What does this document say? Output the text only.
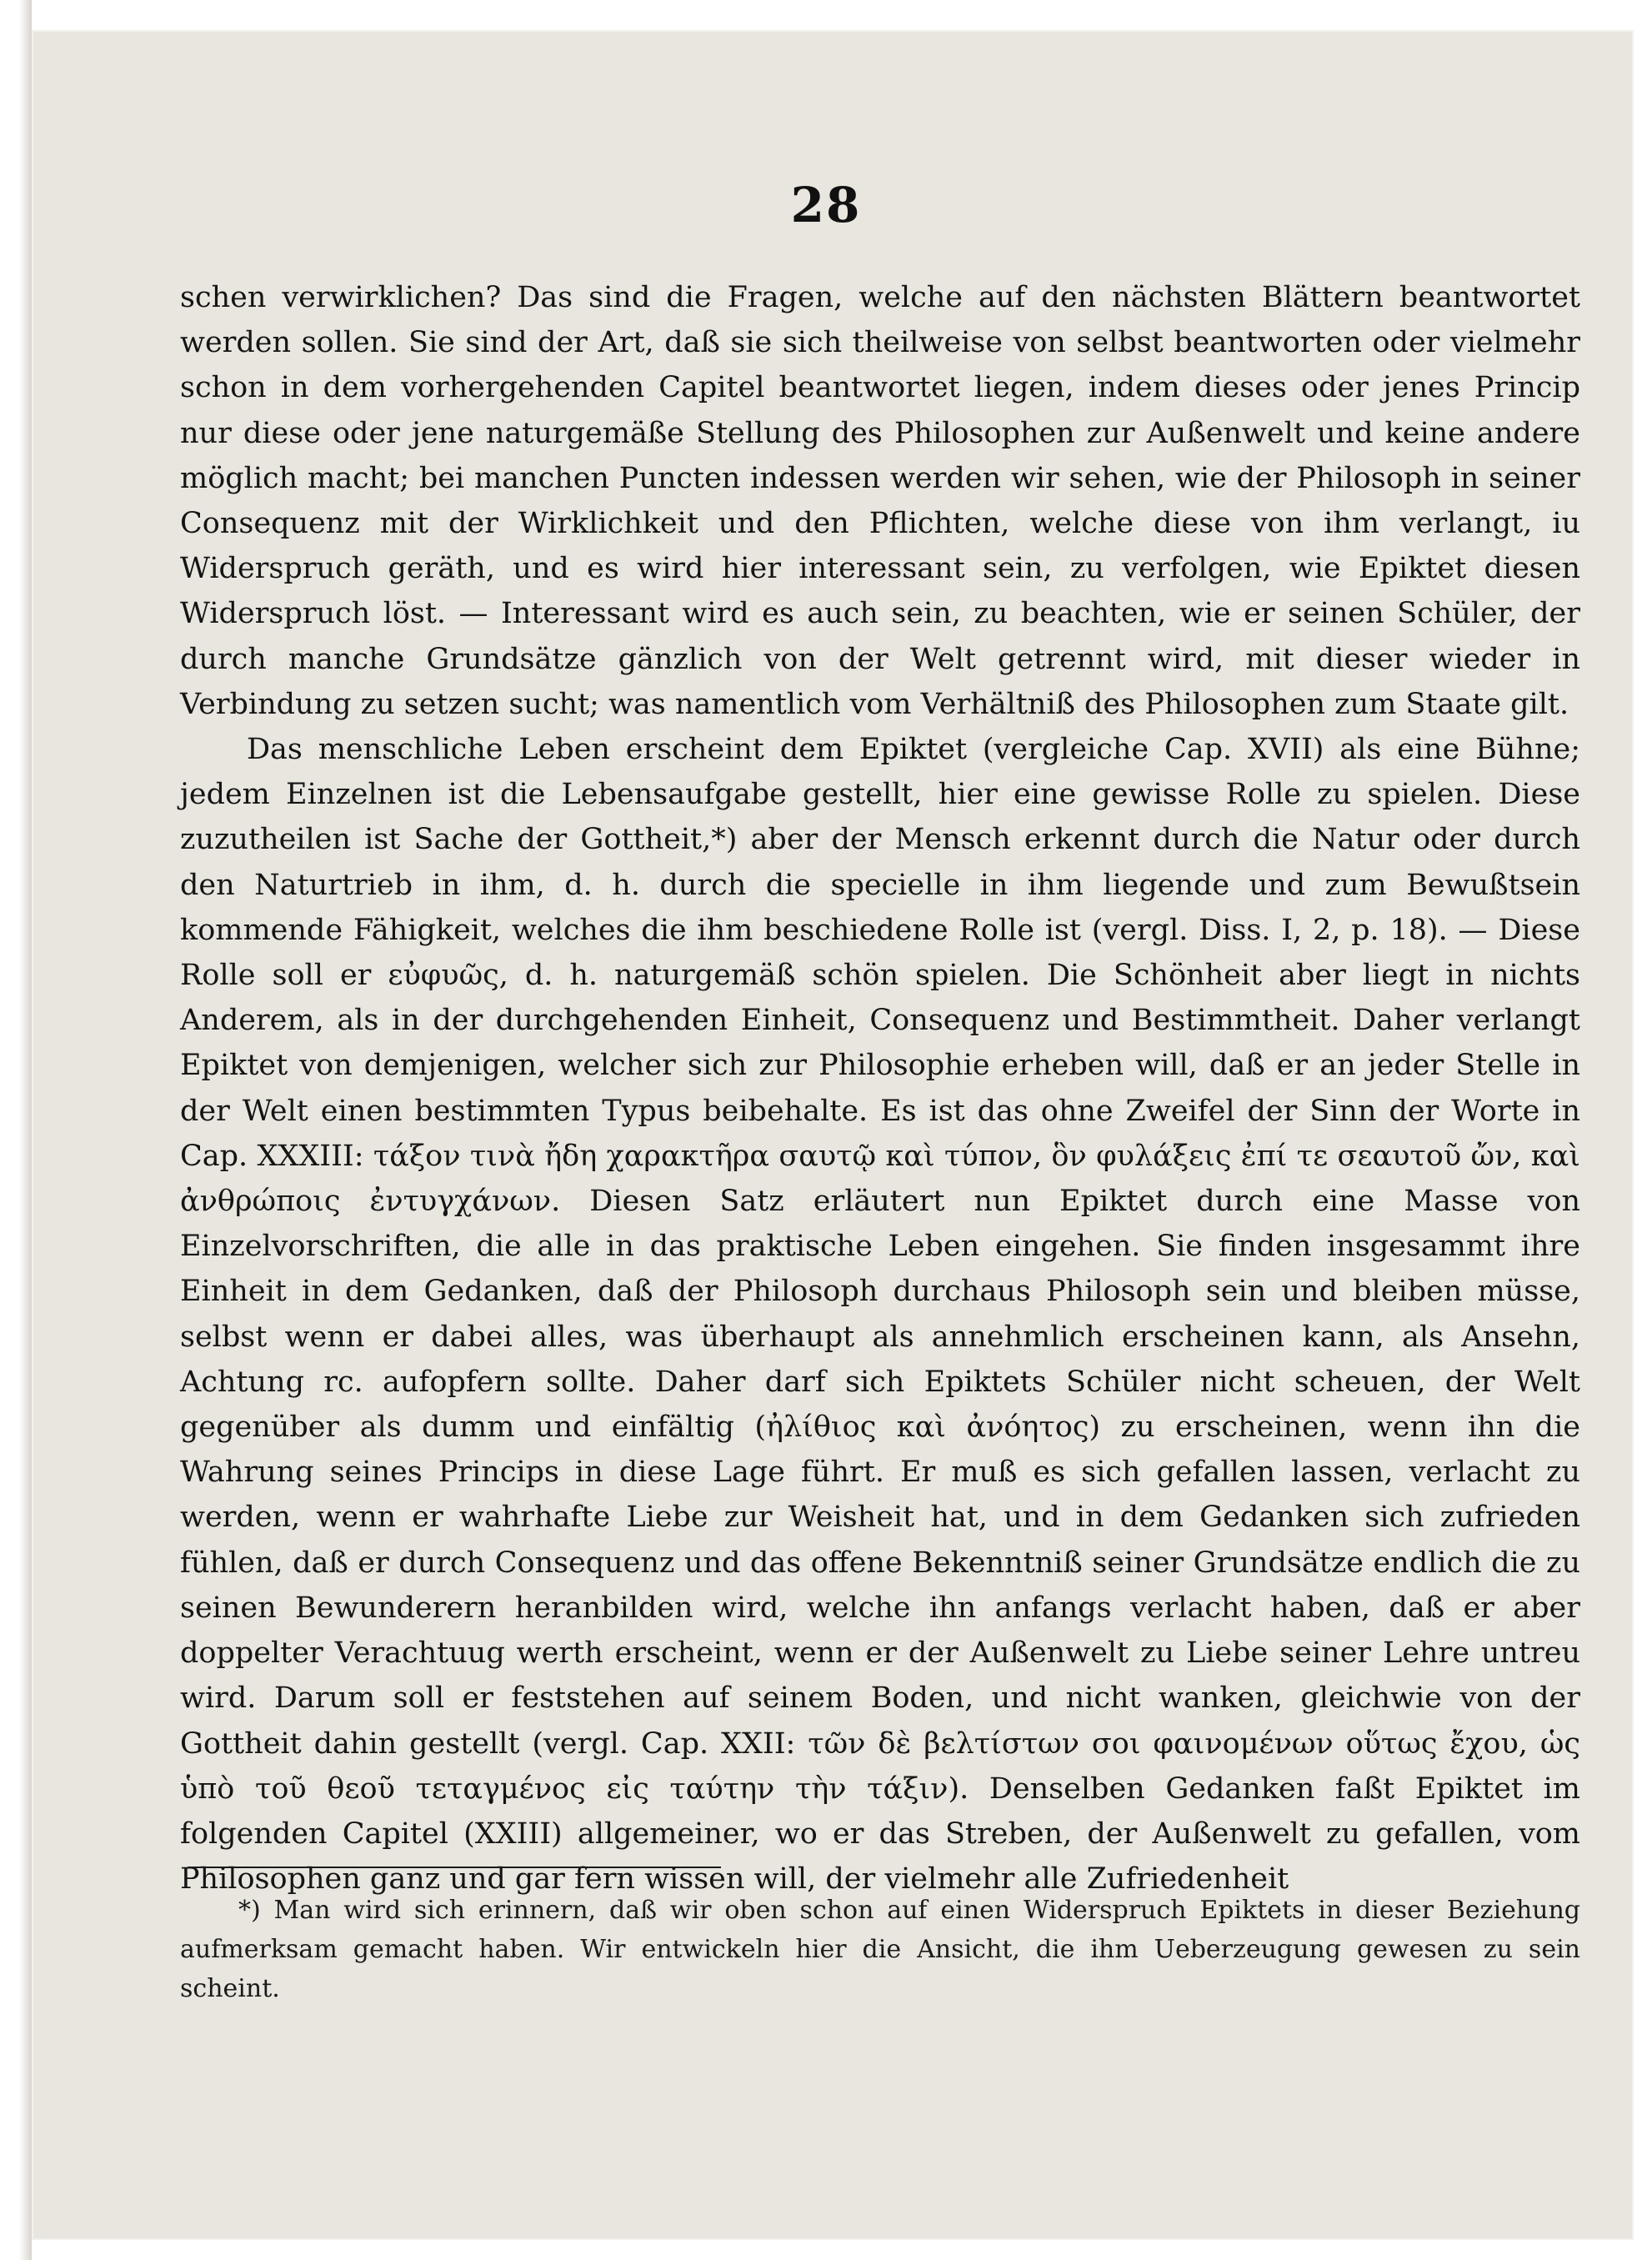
28

schen verwirklichen? Das sind die Fragen, welche auf den nächsten Blättern beantwortet werden sollen. Sie sind der Art, daß sie sich theilweise von selbst beantworten oder vielmehr schon in dem vorhergehenden Capitel beantwortet liegen, indem dieses oder jenes Princip nur diese oder jene naturgemäße Stellung des Philosophen zur Außenwelt und keine andere möglich macht; bei manchen Puncten indessen werden wir sehen, wie der Philosoph in seiner Consequenz mit der Wirklichkeit und den Pflichten, welche diese von ihm verlangt, iu Widerspruch geräth, und es wird hier interessant sein, zu verfolgen, wie Epiktet diesen Widerspruch löst. — Interessant wird es auch sein, zu beachten, wie er seinen Schüler, der durch manche Grundsätze gänzlich von der Welt getrennt wird, mit dieser wieder in Verbindung zu setzen sucht; was namentlich vom Verhältniß des Philosophen zum Staate gilt.

Das menschliche Leben erscheint dem Epiktet (vergleiche Cap. XVII) als eine Bühne; jedem Einzelnen ist die Lebensaufgabe gestellt, hier eine gewisse Rolle zu spielen. Diese zuzutheilen ist Sache der Gottheit,*) aber der Mensch erkennt durch die Natur oder durch den Naturtrieb in ihm, d. h. durch die specielle in ihm liegende und zum Bewußtsein kommende Fähigkeit, welches die ihm beschiedene Rolle ist (vergl. Diss. I, 2, p. 18). — Diese Rolle soll er εὐφυῶς, d. h. naturgemäß schön spielen. Die Schönheit aber liegt in nichts Anderem, als in der durchgehenden Einheit, Consequenz und Bestimmtheit. Daher verlangt Epiktet von demjenigen, welcher sich zur Philosophie erheben will, daß er an jeder Stelle in der Welt einen bestimmten Typus beibehalte. Es ist das ohne Zweifel der Sinn der Worte in Cap. XXXIII: τάξον τινὰ ἤδη χαρακτῆρα σαυτῷ καὶ τύπον, ὃν φυλάξεις ἐπί τε σεαυτοῦ ὤν, καὶ ἀνθρώποις ἐντυγχάνων. Diesen Satz erläutert nun Epiktet durch eine Masse von Einzelvorschriften, die alle in das praktische Leben eingehen. Sie finden insgesammt ihre Einheit in dem Gedanken, daß der Philosoph durchaus Philosoph sein und bleiben müsse, selbst wenn er dabei alles, was überhaupt als annehmlich erscheinen kann, als Ansehn, Achtung rc. aufopfern sollte. Daher darf sich Epiktets Schüler nicht scheuen, der Welt gegenüber als dumm und einfältig (ἠλίθιος καὶ ἀνόητος) zu erscheinen, wenn ihn die Wahrung seines Princips in diese Lage führt. Er muß es sich gefallen lassen, verlacht zu werden, wenn er wahrhafte Liebe zur Weisheit hat, und in dem Gedanken sich zufrieden fühlen, daß er durch Consequenz und das offene Bekenntniß seiner Grundsätze endlich die zu seinen Bewunderern heranbilden wird, welche ihn anfangs verlacht haben, daß er aber doppelter Verachtuug werth erscheint, wenn er der Außenwelt zu Liebe seiner Lehre untreu wird. Darum soll er feststehen auf seinem Boden, und nicht wanken, gleichwie von der Gottheit dahin gestellt (vergl. Cap. XXII: τῶν δὲ βελτίστων σοι φαινομένων οὕτως ἔχου, ὡς ὑπὸ τοῦ θεοῦ τεταγμένος εἰς ταύτην τὴν τάξιν). Denselben Gedanken faßt Epiktet im folgenden Capitel (XXIII) allgemeiner, wo er das Streben, der Außenwelt zu gefallen, vom Philosophen ganz und gar fern wissen will, der vielmehr alle Zufriedenheit

*) Man wird sich erinnern, daß wir oben schon auf einen Widerspruch Epiktets in dieser Beziehung aufmerksam gemacht haben. Wir entwickeln hier die Ansicht, die ihm Ueberzeugung gewesen zu sein scheint.
